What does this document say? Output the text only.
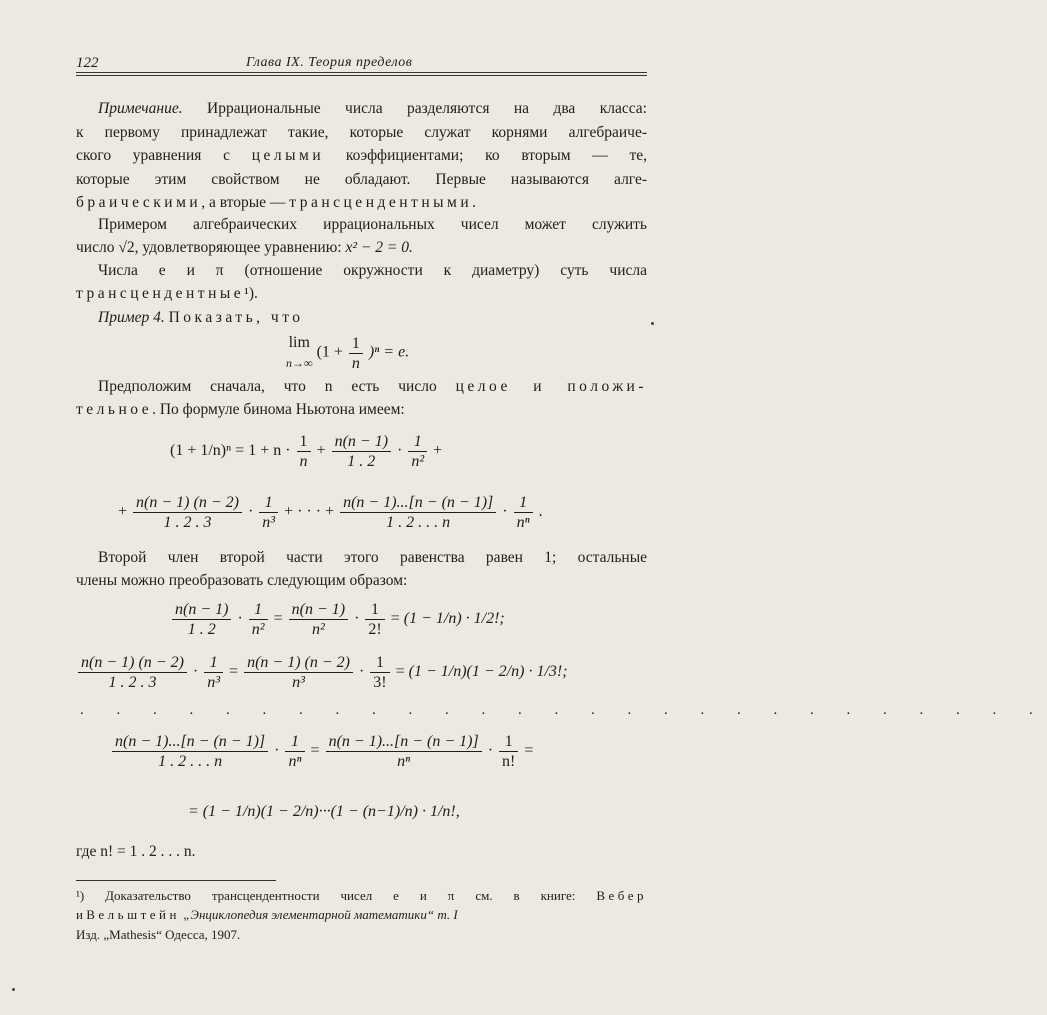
122	Глава IX. Теория пределов
Примечание. Иррациональные числа разделяются на два класса:
к первому принадлежат такие, которые служат корнями алгебраиче-
ского уравнения с целыми коэффициентами; ко вторым — те,
которые этим свойством не обладают. Первые называются алге-
браическими, а вторые — трансцендентными.
Примером алгебраических иррациональных чисел может служить
число √2, удовлетворяющее уравнению: x² − 2 = 0.
Числа e и π (отношение окружности к диаметру) суть числа
трансцендентные¹).
Пример 4. Показать, что
lim
n→∞
$(1 + \frac{1}{n} )^n = e$.
Предположим сначала, что n есть число целое и положи-
тельное. По формуле бинома Ньютона имеем:
$(1 + 1/n)^n = 1 + n \cdot \frac{1}{n} + \frac{n(n - 1)}{1 . 2} \cdot \frac{1}{\text{n²}}$ +
+ $\frac{n(n - 1) (n - 2)}{1 . 2 . 3} \cdot \frac{1}{\text{n³}}$ + · · · + $\frac{n(n - 1)...[n - (n - 1)]}{1 . 2 . . . n} \cdot \frac{1}{\text{nⁿ}}$ .
Второй член второй части этого равенства равен 1; остальные
члены можно преобразовать следующим образом:
$\frac{n(n - 1)}{1 . 2} \cdot \frac{1}{\text{n²}} = \frac{n(n - 1)}{\text{n²}} \cdot \frac{1}{2!} = (1 - 1/n) \cdot 1/2$!;
$\frac{n(n - 1) (n - 2)}{1 . 2 . 3} \cdot \frac{1}{\text{n³}} = \frac{n(n - 1) (n - 2)}{\text{n³}} \cdot \frac{1}{3!} = (1 - 1/n)(1 - 2/n) \cdot 1/3$!;
. . . . . . . . . . . . . . . . . . . . . . . . . . .
$\frac{n(n - 1)...[n - (n - 1)]}{1 . 2 . . . n} \cdot \frac{1}{\text{nⁿ}} = \frac{n(n - 1)...[n - (n - 1)]}{\text{nⁿ}} \cdot \frac{1}{n!}$ =
= (1 − 1/n)(1 − 2/n)···(1 − (n−1)/n) · 1/n!,
где n! = 1 . 2 . . . n.
¹) Доказательство трансцендентности чисел e и π см. в книге: Вебер
и Вельштейн „Энциклопедия элементарной математики“ т. I
Изд. „Mathesis“ Одесса, 1907.
